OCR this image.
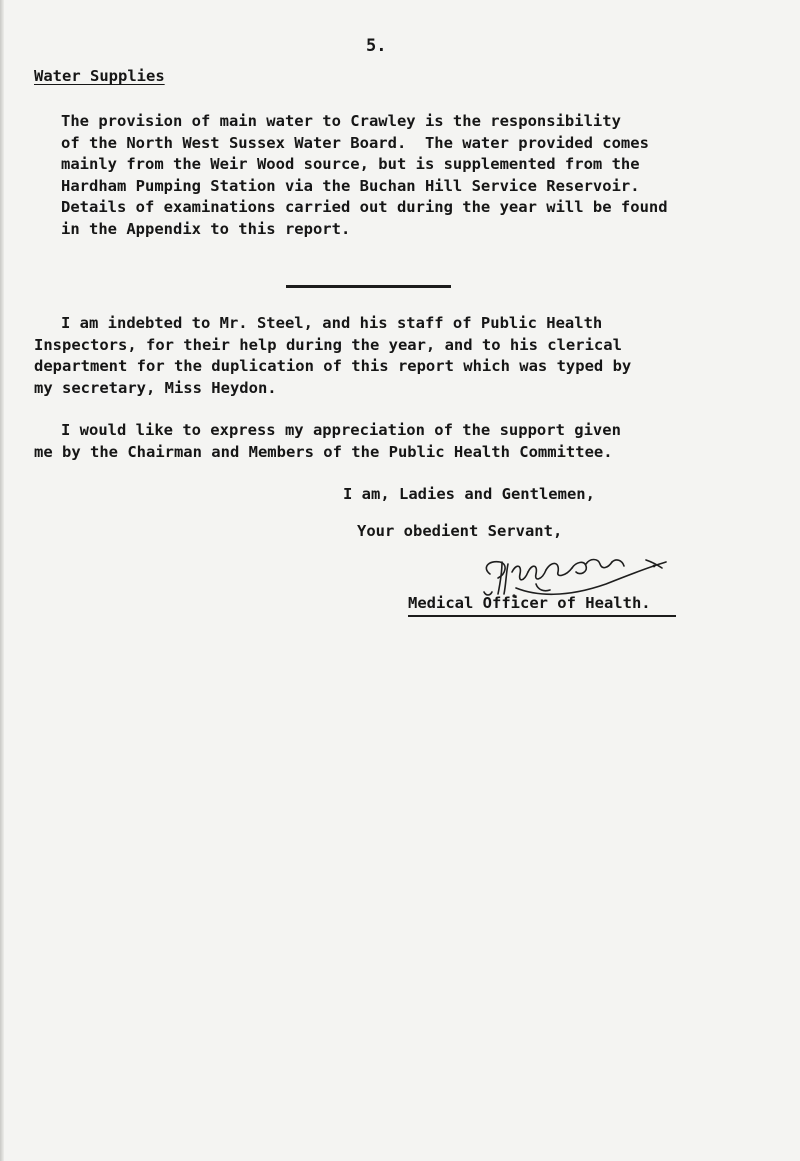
5.
Water Supplies
The provision of main water to Crawley is the responsibility
of the North West Sussex Water Board.  The water provided comes
mainly from the Weir Wood source, but is supplemented from the
Hardham Pumping Station via the Buchan Hill Service Reservoir.
Details of examinations carried out during the year will be found
in the Appendix to this report.
I am indebted to Mr. Steel, and his staff of Public Health
Inspectors, for their help during the year, and to his clerical
department for the duplication of this report which was typed by
my secretary, Miss Heydon.
I would like to express my appreciation of the support given
me by the Chairman and Members of the Public Health Committee.
I am, Ladies and Gentlemen,
Your obedient Servant,
Medical Officer of Health.
